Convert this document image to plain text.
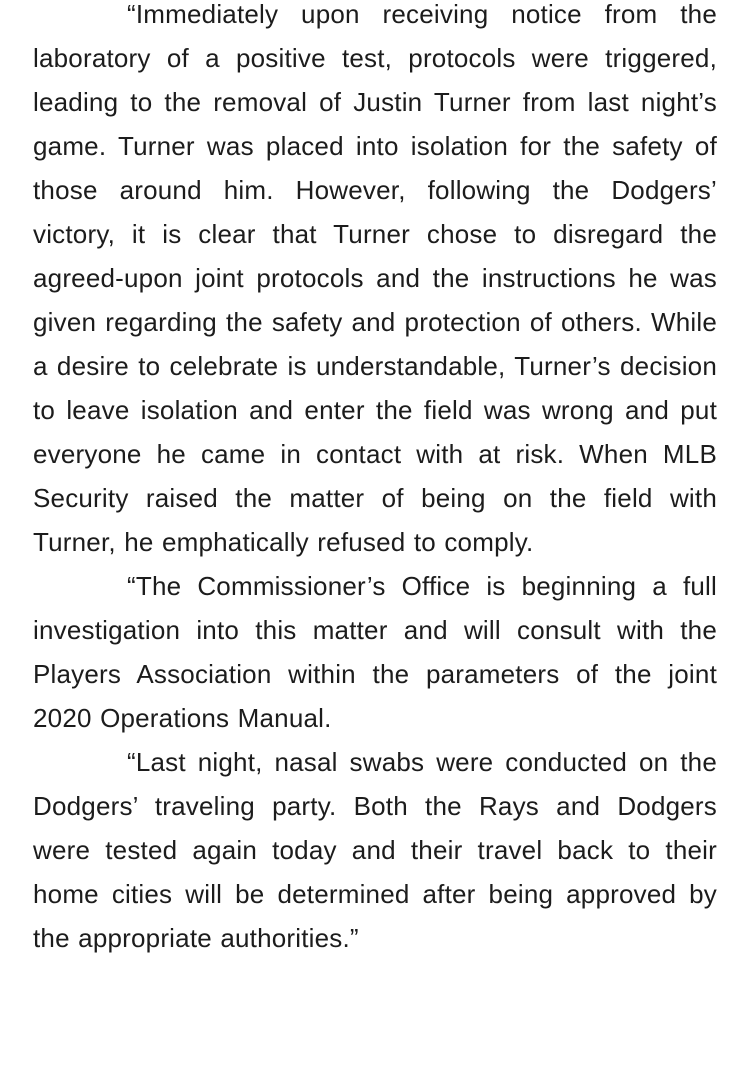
“Immediately upon receiving notice from the laboratory of a positive test, protocols were triggered, leading to the removal of Justin Turner from last night’s game. Turner was placed into isolation for the safety of those around him. However, following the Dodgers’ victory, it is clear that Turner chose to disregard the agreed-upon joint protocols and the instructions he was given regarding the safety and protection of others. While a desire to celebrate is understandable, Turner’s decision to leave isolation and enter the field was wrong and put everyone he came in contact with at risk. When MLB Security raised the matter of being on the field with Turner, he emphatically refused to comply.

“The Commissioner’s Office is beginning a full investigation into this matter and will consult with the Players Association within the parameters of the joint 2020 Operations Manual.

“Last night, nasal swabs were conducted on the Dodgers’ traveling party. Both the Rays and Dodgers were tested again today and their travel back to their home cities will be determined after being approved by the appropriate authorities.”
